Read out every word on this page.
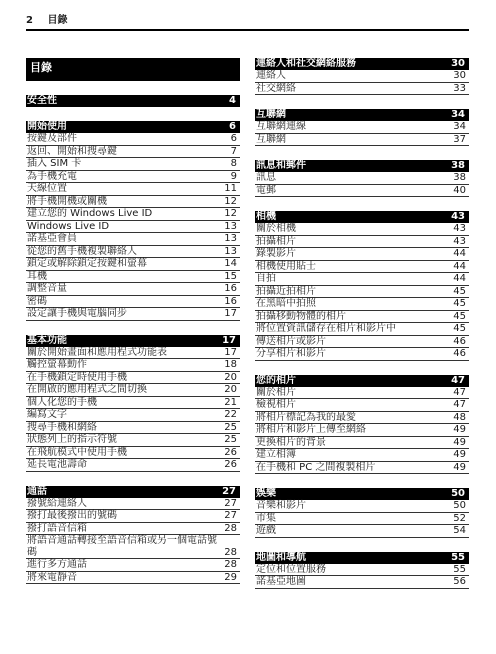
2 目錄
目錄
安全性	4
開始使用	6
按鍵及部件	6
返回、開始和搜尋鍵	7
插入 SIM 卡	8
為手機充電	9
天線位置	11
將手機開機或關機	12
建立您的 Windows Live ID	12
Windows Live ID	13
諾基亞會員	13
從您的舊手機複製聯絡人	13
鎖定或解除鎖定按鍵和螢幕	14
耳機	15
調整音量	16
密碼	16
設定讓手機與電腦同步	17
基本功能	17
關於開始畫面和應用程式功能表	17
觸控螢幕動作	18
在手機鎖定時使用手機	20
在開啟的應用程式之間切換	20
個人化您的手機	21
編寫文字	22
搜尋手機和網絡	25
狀態列上的指示符號	25
在飛航模式中使用手機	26
延長電池壽命	26
通話	27
撥號給連絡人	27
撥打最後撥出的號碼	27
撥打語音信箱	28
將語音通話轉接至語音信箱或另一個電話號碼	28
進行多方通話	28
將來電靜音	29
連絡人和社交網絡服務	30
連絡人	30
社交網絡	33
互聯網	34
互聯網連線	34
互聯網	37
訊息和郵件	38
訊息	38
電郵	40
相機	43
關於相機	43
拍攝相片	43
錄製影片	44
相機使用貼士	44
自拍	44
拍攝近拍相片	45
在黑暗中拍照	45
拍攝移動物體的相片	45
將位置資訊儲存在相片和影片中	45
傳送相片或影片	46
分享相片和影片	46
您的相片	47
關於相片	47
檢視相片	47
將相片標記為我的最愛	48
將相片和影片上傳至網絡	49
更換相片的背景	49
建立相簿	49
在手機和 PC 之間複製相片	49
娛樂	50
音樂和影片	50
市集	52
遊戲	54
地圖和導航	55
定位和位置服務	55
諾基亞地圖	56
